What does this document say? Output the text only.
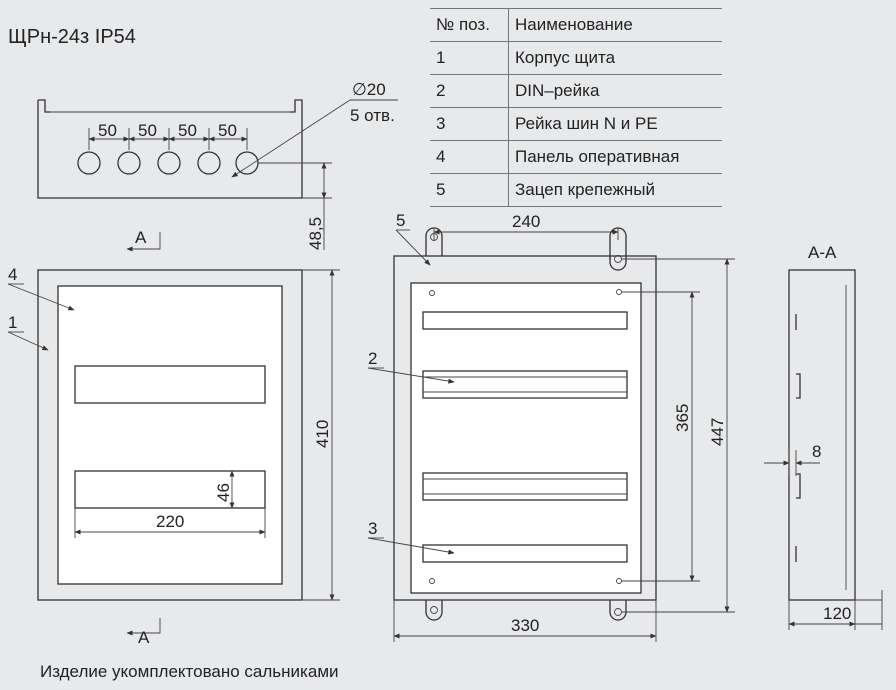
ЩРн-24з IP54
№ поз.	Наименование
1	Корпус щита
2	DIN–рейка
3	Рейка шин N и PE
4	Панель оперативная
5	Зацеп крепежный
50 50 50 50
∅20
5 отв.
48,5
А
46
220
410
4
1
А
240
365 447
330
5
2
3
А-А
8
120
Изделие укомплектовано сальниками
